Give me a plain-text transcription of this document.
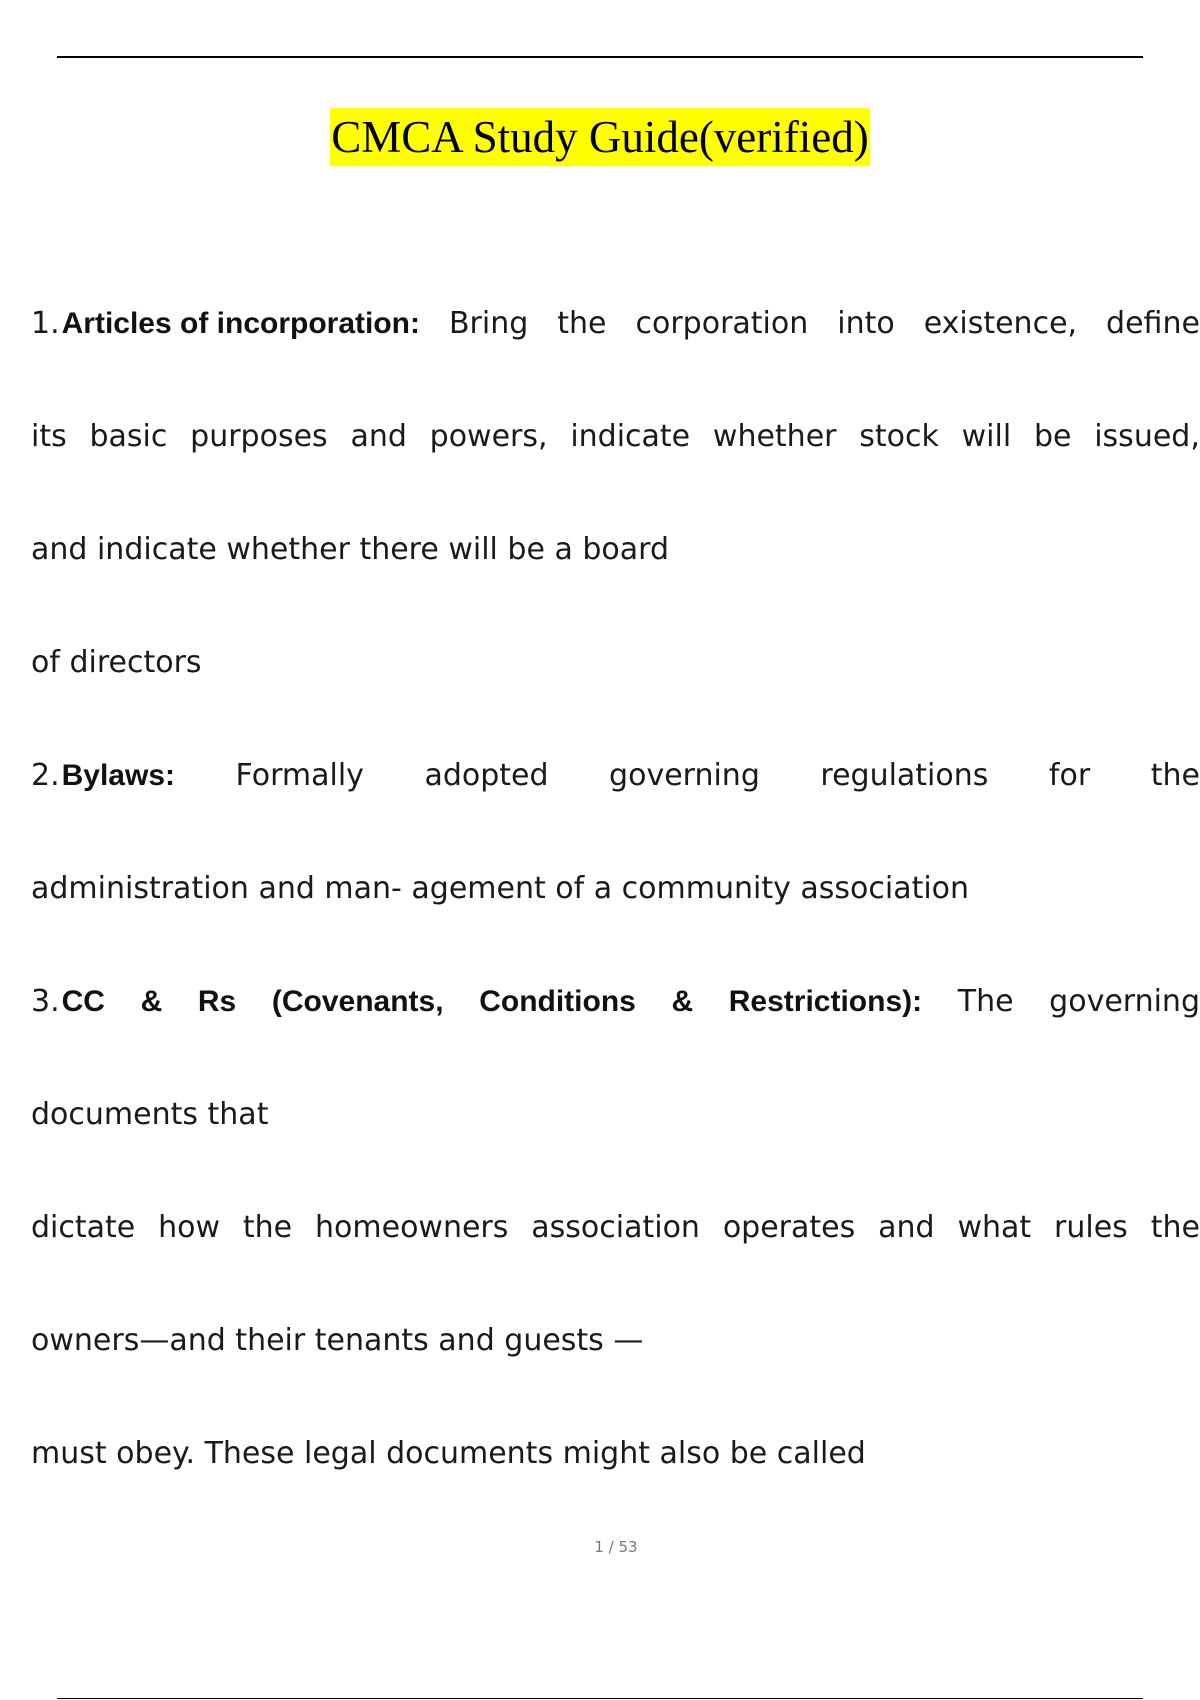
CMCA Study Guide(verified)
1.Articles of incorporation: Bring the corporation into existence, define
its basic purposes and powers, indicate whether stock will be issued,
and indicate whether there will be a board
of directors
2.Bylaws: Formally adopted governing regulations for the
administration and man- agement of a community association
3.CC & Rs (Covenants, Conditions & Restrictions): The governing
documents that
dictate how the homeowners association operates and what rules the
owners—and their tenants and guests —
must obey. These legal documents might also be called
1 / 53
